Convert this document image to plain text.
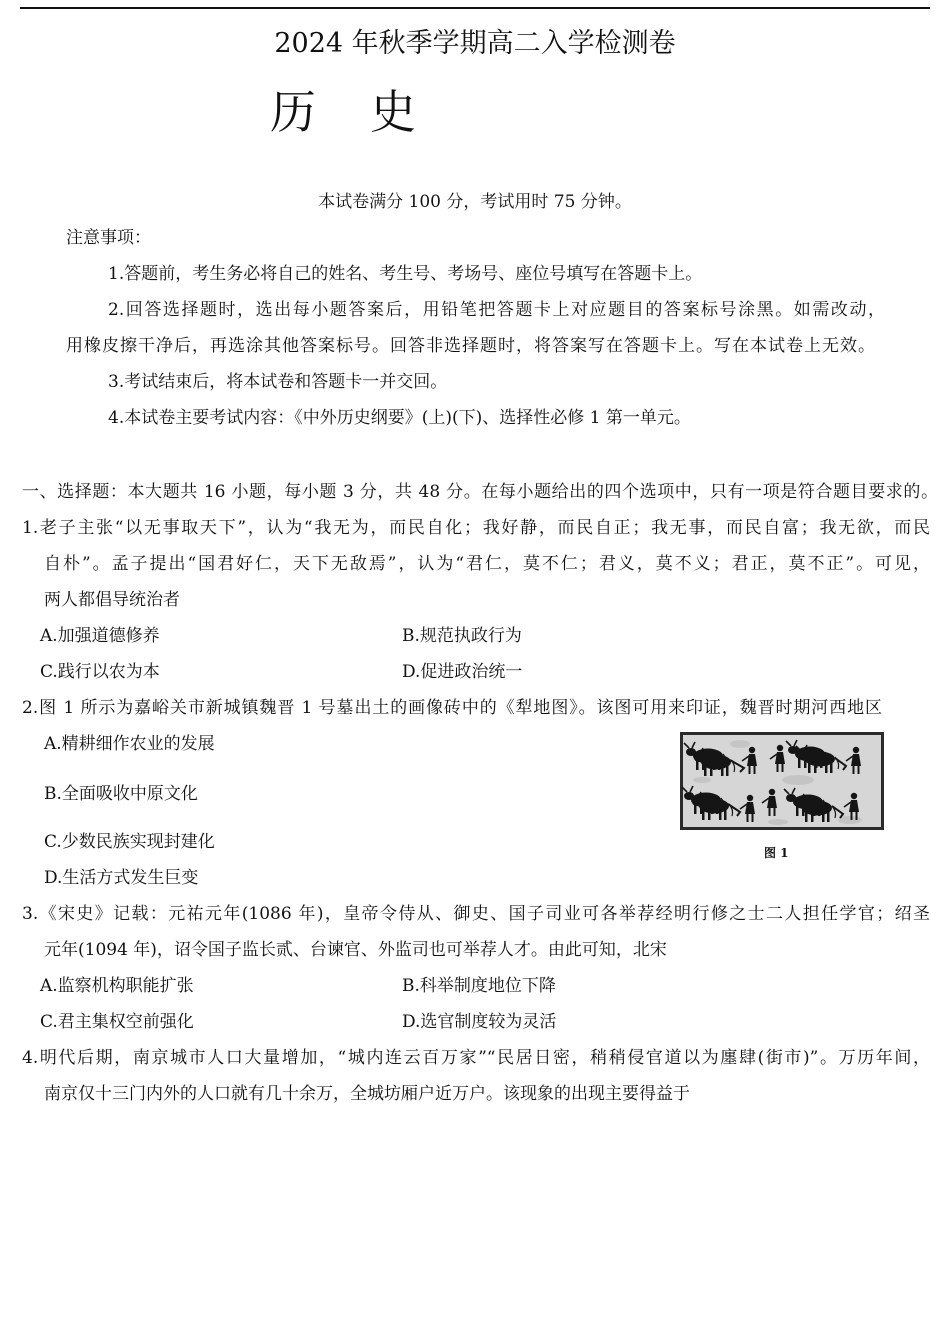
2024 年秋季学期高二入学检测卷
历 史
本试卷满分 100 分，考试用时 75 分钟。
注意事项：
1.答题前，考生务必将自己的姓名、考生号、考场号、座位号填写在答题卡上。
2.回答选择题时，选出每小题答案后，用铅笔把答题卡上对应题目的答案标号涂黑。如需改动，
用橡皮擦干净后，再选涂其他答案标号。回答非选择题时，将答案写在答题卡上。写在本试卷上无效。
3.考试结束后，将本试卷和答题卡一并交回。
4.本试卷主要考试内容：《中外历史纲要》(上)(下)、选择性必修 1 第一单元。
一、选择题：本大题共 16 小题，每小题 3 分，共 48 分。在每小题给出的四个选项中，只有一项是符合题目要求的。
1.老子主张“以无事取天下”，认为“我无为，而民自化；我好静，而民自正；我无事，而民自富；我无欲，而民
自朴”。孟子提出“国君好仁，天下无敌焉”，认为“君仁，莫不仁；君义，莫不义；君正，莫不正”。可见，
两人都倡导统治者
A.加强道德修养	B.规范执政行为
C.践行以农为本	D.促进政治统一
2.图 1 所示为嘉峪关市新城镇魏晋 1 号墓出土的画像砖中的《犁地图》。该图可用来印证，魏晋时期河西地区
A.精耕细作农业的发展
B.全面吸收中原文化
C.少数民族实现封建化
D.生活方式发生巨变
图 1
3.《宋史》记载：元祐元年(1086 年)，皇帝令侍从、御史、国子司业可各举荐经明行修之士二人担任学官；绍圣
元年(1094 年)，诏令国子监长贰、台谏官、外监司也可举荐人才。由此可知，北宋
A.监察机构职能扩张	B.科举制度地位下降
C.君主集权空前强化	D.选官制度较为灵活
4.明代后期，南京城市人口大量增加，“城内连云百万家”“民居日密，稍稍侵官道以为廛肆(街市)”。万历年间，
南京仅十三门内外的人口就有几十余万，全城坊厢户近万户。该现象的出现主要得益于
